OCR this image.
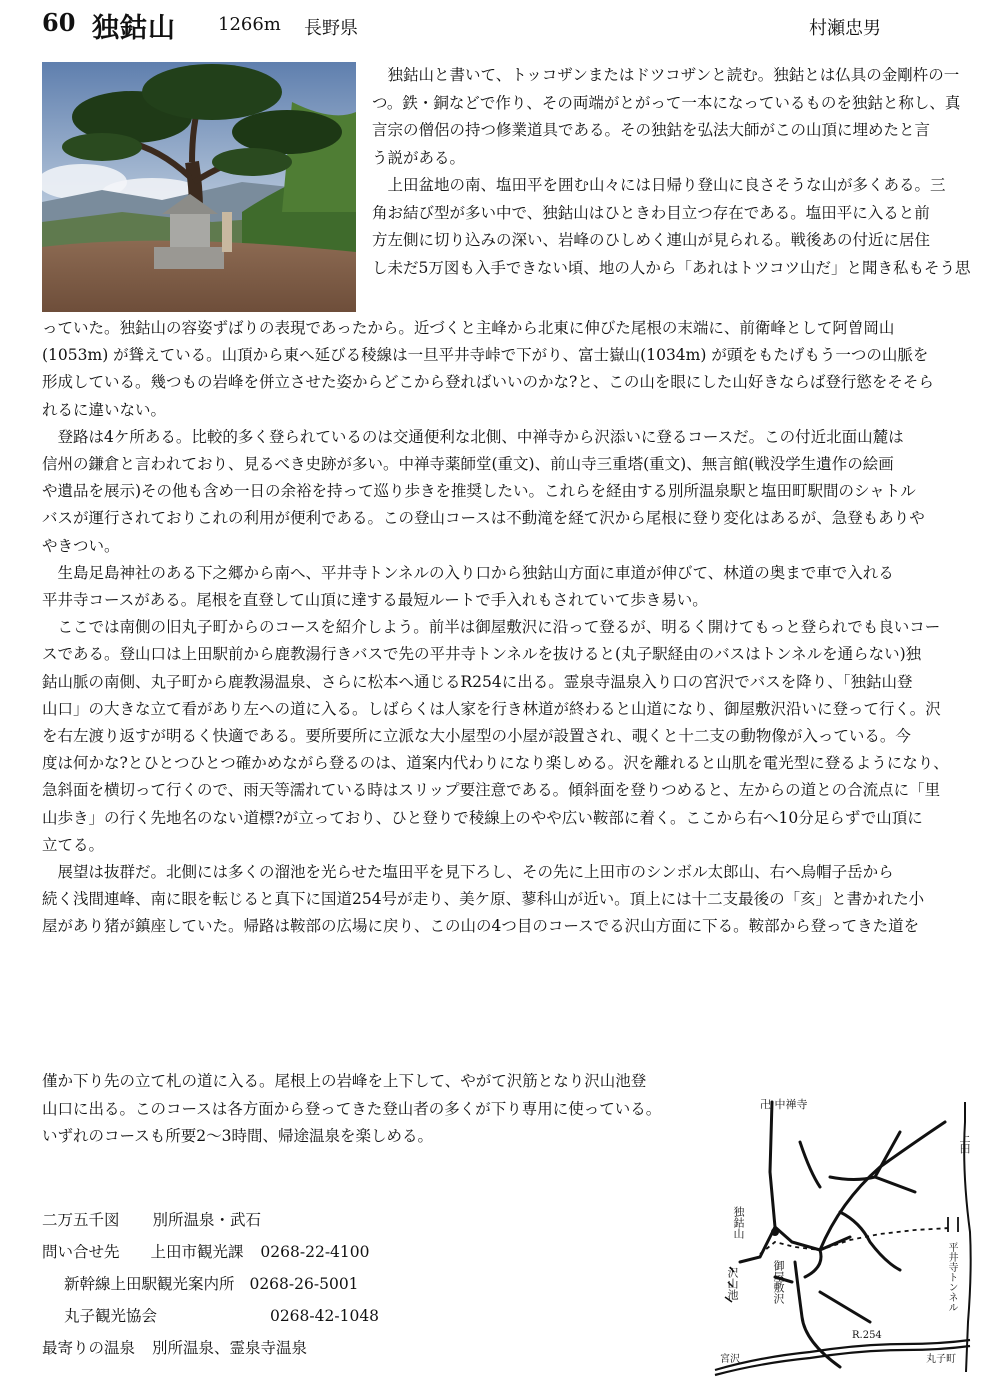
60 独鈷山 1266m 長野県	村瀬忠男
独鈷山と書いて、トッコザンまたはドツコザンと読む。独鈷とは仏具の金剛杵の一
つ。鉄・銅などで作り、その両端がとがって一本になっているものを独鈷と称し、真
言宗の僧侶の持つ修業道具である。その独鈷を弘法大師がこの山頂に埋めたと言
う説がある。
上田盆地の南、塩田平を囲む山々には日帰り登山に良さそうな山が多くある。三
角お結び型が多い中で、独鈷山はひときわ目立つ存在である。塩田平に入ると前
方左側に切り込みの深い、岩峰のひしめく連山が見られる。戦後あの付近に居住
し未だ5万図も入手できない頃、地の人から「あれはトツコツ山だ」と聞き私もそう思
っていた。独鈷山の容姿ずばりの表現であったから。近づくと主峰から北東に伸びた尾根の末端に、前衛峰として阿曽岡山
(1053m) が聳えている。山頂から東へ延びる稜線は一旦平井寺峠で下がり、富士嶽山(1034m) が頭をもたげもう一つの山脈を
形成している。幾つもの岩峰を併立させた姿からどこから登ればいいのかな?と、この山を眼にした山好きならば登行慾をそそら
れるに違いない。
登路は4ケ所ある。比較的多く登られているのは交通便利な北側、中禅寺から沢添いに登るコースだ。この付近北面山麓は
信州の鎌倉と言われており、見るべき史跡が多い。中禅寺薬師堂(重文)、前山寺三重塔(重文)、無言館(戦没学生遺作の絵画
や遺品を展示)その他も含め一日の余裕を持って巡り歩きを推奨したい。これらを経由する別所温泉駅と塩田町駅間のシャトル
バスが運行されておりこれの利用が便利である。この登山コースは不動滝を経て沢から尾根に登り変化はあるが、急登もありや
やきつい。
生島足島神社のある下之郷から南へ、平井寺トンネルの入り口から独鈷山方面に車道が伸びて、林道の奥まで車で入れる
平井寺コースがある。尾根を直登して山頂に達する最短ルートで手入れもされていて歩き易い。
ここでは南側の旧丸子町からのコースを紹介しよう。前半は御屋敷沢に沿って登るが、明るく開けてもっと登られでも良いコー
スである。登山口は上田駅前から鹿教湯行きバスで先の平井寺トンネルを抜けると(丸子駅経由のバスはトンネルを通らない)独
鈷山脈の南側、丸子町から鹿教湯温泉、さらに松本へ通じるR254に出る。霊泉寺温泉入り口の宮沢でバスを降り、「独鈷山登
山口」の大きな立て看があり左への道に入る。しばらくは人家を行き林道が終わると山道になり、御屋敷沢沿いに登って行く。沢
を右左渡り返すが明るく快適である。要所要所に立派な大小屋型の小屋が設置され、覗くと十二支の動物像が入っている。今
度は何かな?とひとつひとつ確かめながら登るのは、道案内代わりになり楽しめる。沢を離れると山肌を電光型に登るようになり、
急斜面を横切って行くので、雨天等濡れている時はスリップ要注意である。傾斜面を登りつめると、左からの道との合流点に「里
山歩き」の行く先地名のない道標?が立っており、ひと登りで稜線上のやや広い鞍部に着く。ここから右へ10分足らずで山頂に
立てる。
展望は抜群だ。北側には多くの溜池を光らせた塩田平を見下ろし、その先に上田市のシンボル太郎山、右へ烏帽子岳から
続く浅間連峰、南に眼を転じると真下に国道254号が走り、美ケ原、蓼科山が近い。頂上には十二支最後の「亥」と書かれた小
屋があり猪が鎮座していた。帰路は鞍部の広場に戻り、この山の4つ目のコースでる沢山方面に下る。鞍部から登ってきた道を
僅か下り先の立て札の道に入る。尾根上の岩峰を上下して、やがて沢筋となり沢山池登
山口に出る。このコースは各方面から登ってきた登山者の多くが下り専用に使っている。
いずれのコースも所要2～3時間、帰途温泉を楽しめる。
二万五千図 別所温泉・武石
問い合せ先 上田市観光課 0268-22-4100
新幹線上田駅観光案内所 0268-26-5001
丸子観光協会	0268-42-1048
最寄りの温泉 別所温泉、霊泉寺温泉
卍 中禅寺
上田
独鈷山
御屋敷沢
沢山池	平井寺トンネル
R.254
宮沢	丸子町
